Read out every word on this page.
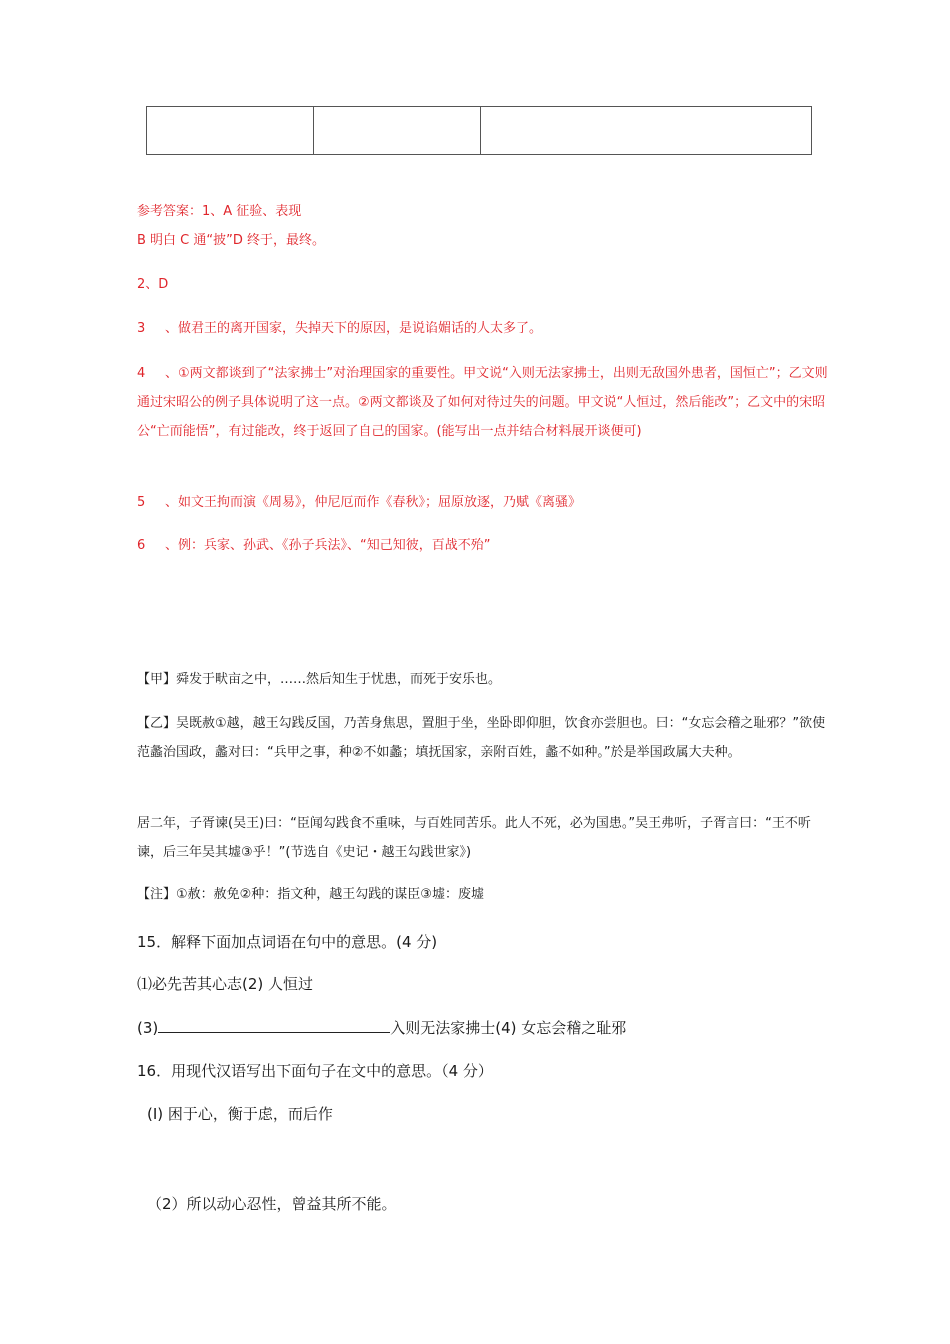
参考答案：1、A 征验、表现
B 明白 C 通“披”D 终于，最终。
2、D
3 、做君王的离开国家，失掉天下的原因，是说谄媚话的人太多了。
4 、①两文都谈到了“法家拂士”对治理国家的重要性。甲文说“入则无法家拂士，出则无敌国外患者，国恒亡”；乙文则通过宋昭公的例子具体说明了这一点。②两文都谈及了如何对待过失的问题。甲文说“人恒过，然后能改”；乙文中的宋昭公“亡而能悟”，有过能改，终于返回了自己的国家。(能写出一点并结合材料展开谈便可)
5 、如文王拘而演《周易》，仲尼厄而作《春秋》；屈原放逐，乃赋《离骚》
6 、例：兵家、孙武、《孙子兵法》、“知己知彼，百战不殆”
【甲】舜发于畎亩之中，……然后知生于忧患，而死于安乐也。
【乙】吴既赦①越，越王勾践反国，乃苦身焦思，置胆于坐，坐卧即仰胆，饮食亦尝胆也。曰：“女忘会稽之耻邪？”欲使范蠡治国政，蠡对曰：“兵甲之事，种②不如蠡；填抚国家，亲附百姓，蠡不如种。”於是举国政属大夫种。
居二年，子胥谏(吴王)曰：“臣闻勾践食不重味，与百姓同苦乐。此人不死，必为国患。”吴王弗听，子胥言曰：“王不听谏，后三年吴其墟③乎！”(节选自《史记・越王勾践世家》)
【注】①赦：赦免②种：指文种，越王勾践的谋臣③墟：废墟
15．解释下面加点词语在句中的意思。(4 分)
⑴必先苦其心志(2) 人恒过
(3)	入则无法家拂士(4) 女忘会稽之耻邪
16．用现代汉语写出下面句子在文中的意思。（4 分）
(Ⅰ) 困于心，衡于虑，而后作
（2）所以动心忍性，曾益其所不能。
